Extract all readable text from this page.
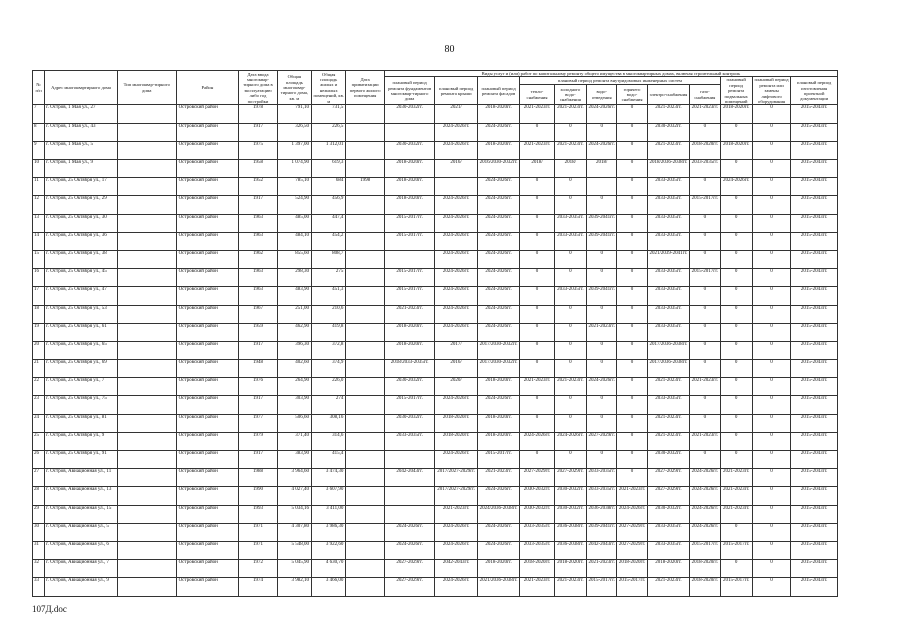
80
№ п/п	Адрес многоквартирного дома	Тип многоквар-тирного дома	Район	Дата ввода многоквар-тирного дома в эксплуатацию либо год постройки	Общая площадь многоквар-тирного дома, кв. м	Общая площадь жилых и нежилых помещений, кв. м	Дата приватизации первого жилого помещения	Виды услуг и (или) работ по капитальному ремонту общего имущества в многоквартирных домах, включая строительный контроль											
								плановый период ремонта фундаментов многоквар-тирного дома	плановый период ремонта крыши	плановый период ремонта фасадов	плановый период ремонта внутридомовых инженерных систем						плановый период ремонта подвальных помещений	плановый период ремонта или замены лифтового оборудования	плановый период изготовления проектной документации
											тепло-снабжения	холодного водо-снабжения	водо-отведения	горячего водо-снабжения	электро-снабжения	газо-снабжения			
7	г. Остров, 1 Мая ул., 27		Островский район	1978	791,10	731,5		2030-2032гг.	2021/	2018-2020гг.	2021-2023гг.	2021-2023гг.	2024-2026гг.	0	2021-2023гг.	2021-2023гг.	2018-2020гг.	0	2015-2043гг.
8	г. Остров, 1 Мая ул., 43		Островский район	1917	326,50	226,5			2024-2026гг.	2024-2026гг.	0	0	0	0	2030-2032гг.	0	0	0	2015-2043гг.
9	г. Остров, 1 Мая ул., 5		Островский район	1975	1 397,00	1 312,01		2030-2032гг.	2024-2026гг.	2018-2020гг.	2021-2023гг.	2021-2023гг.	2024-2026гг.	0	2021-2023гг.	2018-2020гг.	2018-2020гг.	0	2015-2043гг.
10	г. Остров, 1 Мая ул., 9		Островский район	1958	1 074,90	619,3		2018-2020гг.	2016/	2016/2030-2032гг.	2018/	2018/	2018/	0	2018/2036-2038гг.	2033-2035гг.	0	0	2015-2043гг.
11	г. Остров, 25 Октября ул., 17		Островский район	1952	785,10	684	1998	2018-2020гг.		2024-2026гг.	0	0		0	2033-2035гг.	0	2024-2026гг.	0	2015-2043гг.
12	г. Остров, 25 Октября ул., 29		Островский район	1917	524,90	456,9		2018-2020гг.	2024-2026гг.	2024-2026гг.	0	0	0	0	2033-2035гг.	2015-2017гг.	0	0	2015-2043гг.
13	г. Остров, 25 Октября ул., 30		Островский район	1963	485,00	447,4		2015-2017гг.	2024-2026гг.	2024-2026гг.	0	2033-2035гг.	2039-2041гг.	0	2033-2035гг.	0	0	0	2015-2043гг.
14	г. Остров, 25 Октября ул., 36		Островский район	1963	484,10	454,2		2015-2017гг.	2024-2026гг.	2024-2026гг.	0	2033-2035гг.	2039-2041гг.	0	2033-2035гг.	0	0	0	2015-2043гг.
15	г. Остров, 25 Октября ул., 38		Островский район	1962	855,60	808,7			2024-2026гг.	2024-2026гг.	0	0	0	0	2021/2039-2041гг.	0	0	0	2015-2043гг.
16	г. Остров, 25 Октября ул., 45		Островский район	1963	298,30	275		2015-2017гг.	2024-2026гг.	2024-2026гг.	0	0	0	0	2033-2035гг.	2015-2017гг.	0	0	2015-2043гг.
17	г. Остров, 25 Октября ул., 47		Островский район	1963	483,90	451,3		2015-2017гг.	2024-2026гг.	2024-2026гг.	0	2033-2035гг.	2039-2041гг.	0	2033-2035гг.	0	0	0	2015-2043гг.
18	г. Остров, 25 Октября ул., 53		Островский район	1967	251,00	210,6		2021-2023гг.	2024-2026гг.	2024-2026гг.	0	0	0	0	2033-2035гг.	0	0	0	2015-2043гг.
19	г. Остров, 25 Октября ул., 61		Островский район	1959	462,90	419,8		2018-2020гг.	2024-2026гг.	2024-2026гг.	0	0	2021-2023гг.	0	2033-2035гг.	0	0	0	2015-2043гг.
20	г. Остров, 25 Октября ул., 65		Островский район	1917	396,30	372,8		2018-2020гг.	2017/	2017/2030-2032гг.	0	0	0	0	2017/2036-2038гг.	0	0	0	2015-2043гг.
21	г. Остров, 25 Октября ул., 69		Островский район	1948	402,60	374,9		2018/2033-2035гг.	2016/	2017/2030-2032гг.	0	0	0	0	2017/2036-2038гг.	0	0	0	2015-2043гг.
22	г. Остров, 25 Октября ул., 7		Островский район	1976	264,90	226,0		2030-2032гг.	2020/	2018-2020гг.	2021-2023гг.	2021-2023гг.	2024-2026гг.	0	2021-2023гг.	2021-2023гг.	0	0	2015-2043гг.
23	г. Остров, 25 Октября ул., 75		Островский район	1917	303,90	274		2015-2017гг.	2024-2026гг.	2024-2026гг.	0	0	0	0	2033-2035гг.	0	0	0	2015-2043гг.
24	г. Остров, 25 Октября ул., 81		Островский район	1977	506,60	308,16		2030-2032гг.	2018-2020гг.	2018-2020гг.	0	0	0	0	2021-2023гг.	0	0	0	2015-2043гг.
25	г. Остров, 25 Октября ул., 9		Островский район	1979	371,40	314,6		2033-2035гг.	2018-2020гг.	2018-2020гг.	2024-2026гг.	2024-2026гг.	2027-2029гг.	0	2021-2023гг.	2021-2023гг.	0	0	2015-2043гг.
26	г. Остров, 25 Октября ул., 91		Островский район	1917	383,90	415,4			2024-2026гг.	2015-2017гг.	0	0	0	0	2030-2032гг.	0	0	0	2015-2043гг.
27	г. Остров, Авиационная ул., 11		Островский район	1988	3 964,60	3 474,30		2042-2043гг.	2017/2027-2029гг.	2021-2023гг.	2027-2029гг.	2027-2029гг.	2033-2035гг.	0	2027-2029гг.	2024-2026гг.	2021-2023гг.	0	2015-2043гг.
28	г. Остров, Авиационная ул., 13		Островский район	1990	4 027,40	3 607,90			2017/2027-2029гг.	2024-2026гг.	2030-2032гг.	2030-2032гг.	2033-2035гг.	2021-2023гг.	2027-2029гг.	2024-2026гг.	2021-2023гг.	0	2015-2043гг.
29	г. Остров, Авиационная ул., 15		Островский район	1993	5 034,16	3 411,00			2021-2023гг.	2024/2036-2038гг.	2030-2032гг.	2030-2032гг.	2036-2038гг.	2024-2026гг.	2030-2032гг.	2024-2026гг.	2021-2023гг.	0	2015-2043гг.
30	г. Остров, Авиационная ул., 5		Островский район	1971	4 307,80	3 986,30		2024-2026гг.	2024-2026гг.	2024-2026гг.	2033-2035гг.	2036-2038гг.	2039-2041гг.	2027-2029гг.	2033-2035гг.	2024-2026гг.	0	0	2015-2043гг.
31	г. Остров, Авиационная ул., 6		Островский район	1971	5 548,00	3 922,60		2024-2026гг.	2024-2026гг.	2024-2026гг.	2033-2035гг.	2036-2038гг.	2042-2043гг.	2027-2029гг.	2033-2035гг.	2015-2017гг.	2015-2017гг.	0	2015-2043гг.
32	г. Остров, Авиационная ул., 7		Островский район	1972	5 045,90	4 630,70		2027-2029гг.	2042-2043гг.	2018-2020гг.	2018-2020гг.	2018-2020гг.	2021-2023гг.	2018-2020гг.	2018-2020гг.	2018-2020гг.	0	0	2015-2043гг.
33	г. Остров, Авиационная ул., 9		Островский район	1974	3 982,10	3 466,00		2027-2029гг.	2024-2026гг.	2021/2036-2038гг.	2021-2023гг.	2021-2023гг.	2015-2017гг.	2015-2017гг.	2021-2023гг.	2018-2020гг.	2015-2017гг.	0	2015-2043гг.
107Д.doc
